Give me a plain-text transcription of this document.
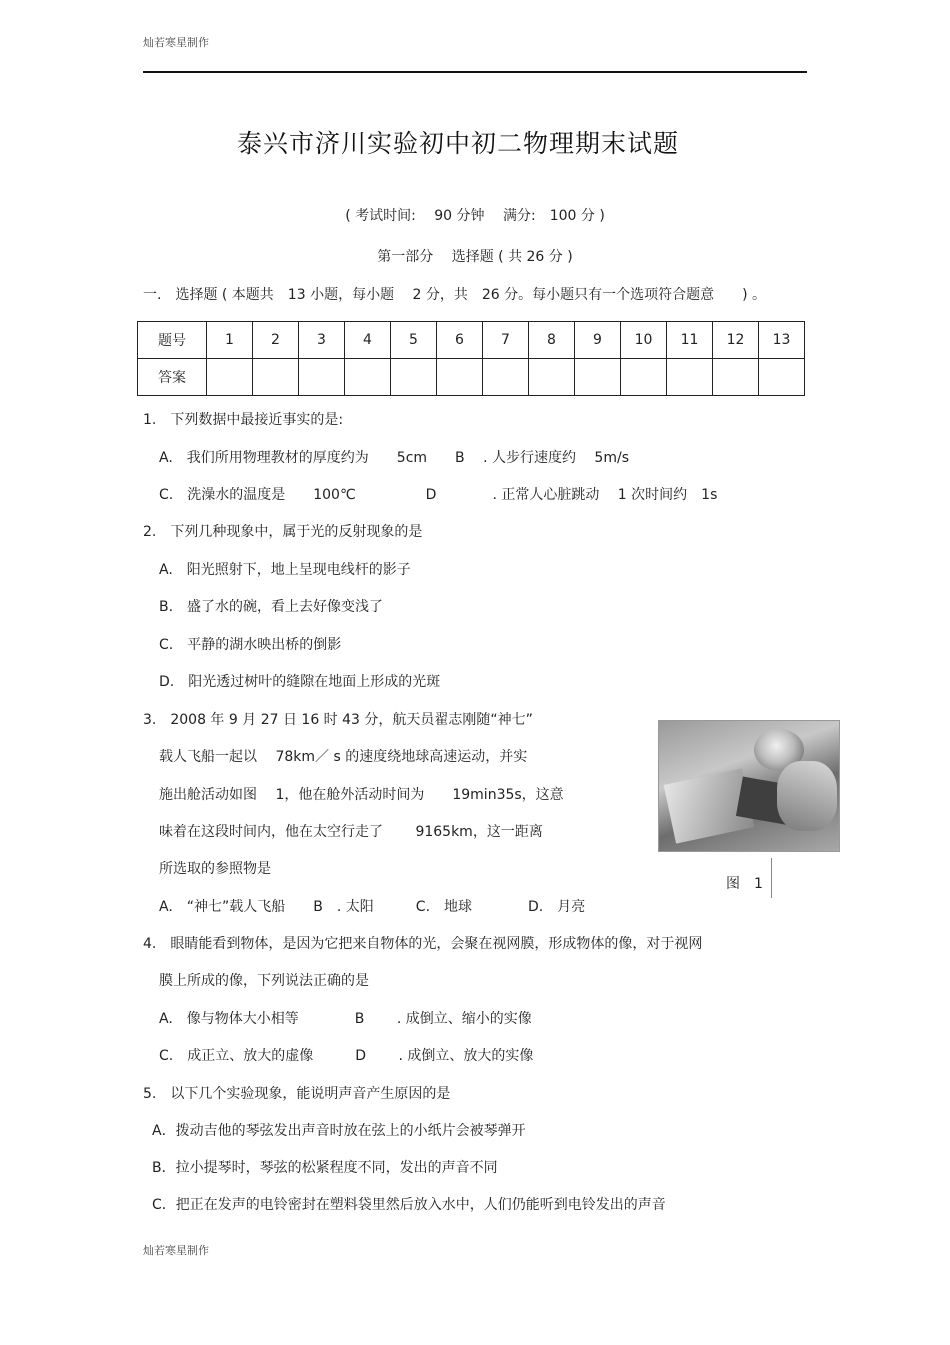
灿若寒星制作
泰兴市济川实验初中初二物理期末试题
( 考试时间:　 90 分钟　 满分:　100 分 )
第一部分　 选择题 ( 共 26 分 )
一.　选择题 ( 本题共　13 小题，每小题　 2 分，共　26 分。每小题只有一个选项符合题意　　) 。
题号	1	2	3	4	5	6	7	8	9	10	11	12	13
答案													
1.　下列数据中最接近事实的是:
A.　我们所用物理教材的厚度约为　　5cm　　B　 . 人步行速度约　 5m/s
C.　洗澡水的温度是　　100℃　　　　　D　　　　. 正常人心脏跳动　 1 次时间约　1s
2.　下列几种现象中，属于光的反射现象的是
A.　阳光照射下，地上呈现电线杆的影子
B.　盛了水的碗，看上去好像变浅了
C.　平静的湖水映出桥的倒影
D.　阳光透过树叶的缝隙在地面上形成的光斑
3.　2008 年 9 月 27 日 16 时 43 分，航天员翟志刚随“神七”
载人飞船一起以　 78km／ s 的速度绕地球高速运动，并实
施出舱活动如图　 1，他在舱外活动时间为　　19min35s，这意
味着在这段时间内，他在太空行走了　　 9165km，这一距离
所选取的参照物是
A.　“神七”载人飞船　　B　. 太阳　　　C.　地球　　　　D.　月亮
图　1
4.　眼睛能看到物体，是因为它把来自物体的光，会聚在视网膜，形成物体的像，对于视网
膜上所成的像，下列说法正确的是
A.　像与物体大小相等　　　　B　　 . 成倒立、缩小的实像
C.　成正立、放大的虚像　　　D　　 . 成倒立、放大的实像
5.　以下几个实验现象，能说明声音产生原因的是
A．拨动吉他的琴弦发出声音时放在弦上的小纸片会被琴弹开
B．拉小提琴时，琴弦的松紧程度不同，发出的声音不同
C．把正在发声的电铃密封在塑料袋里然后放入水中，人们仍能听到电铃发出的声音
灿若寒星制作
